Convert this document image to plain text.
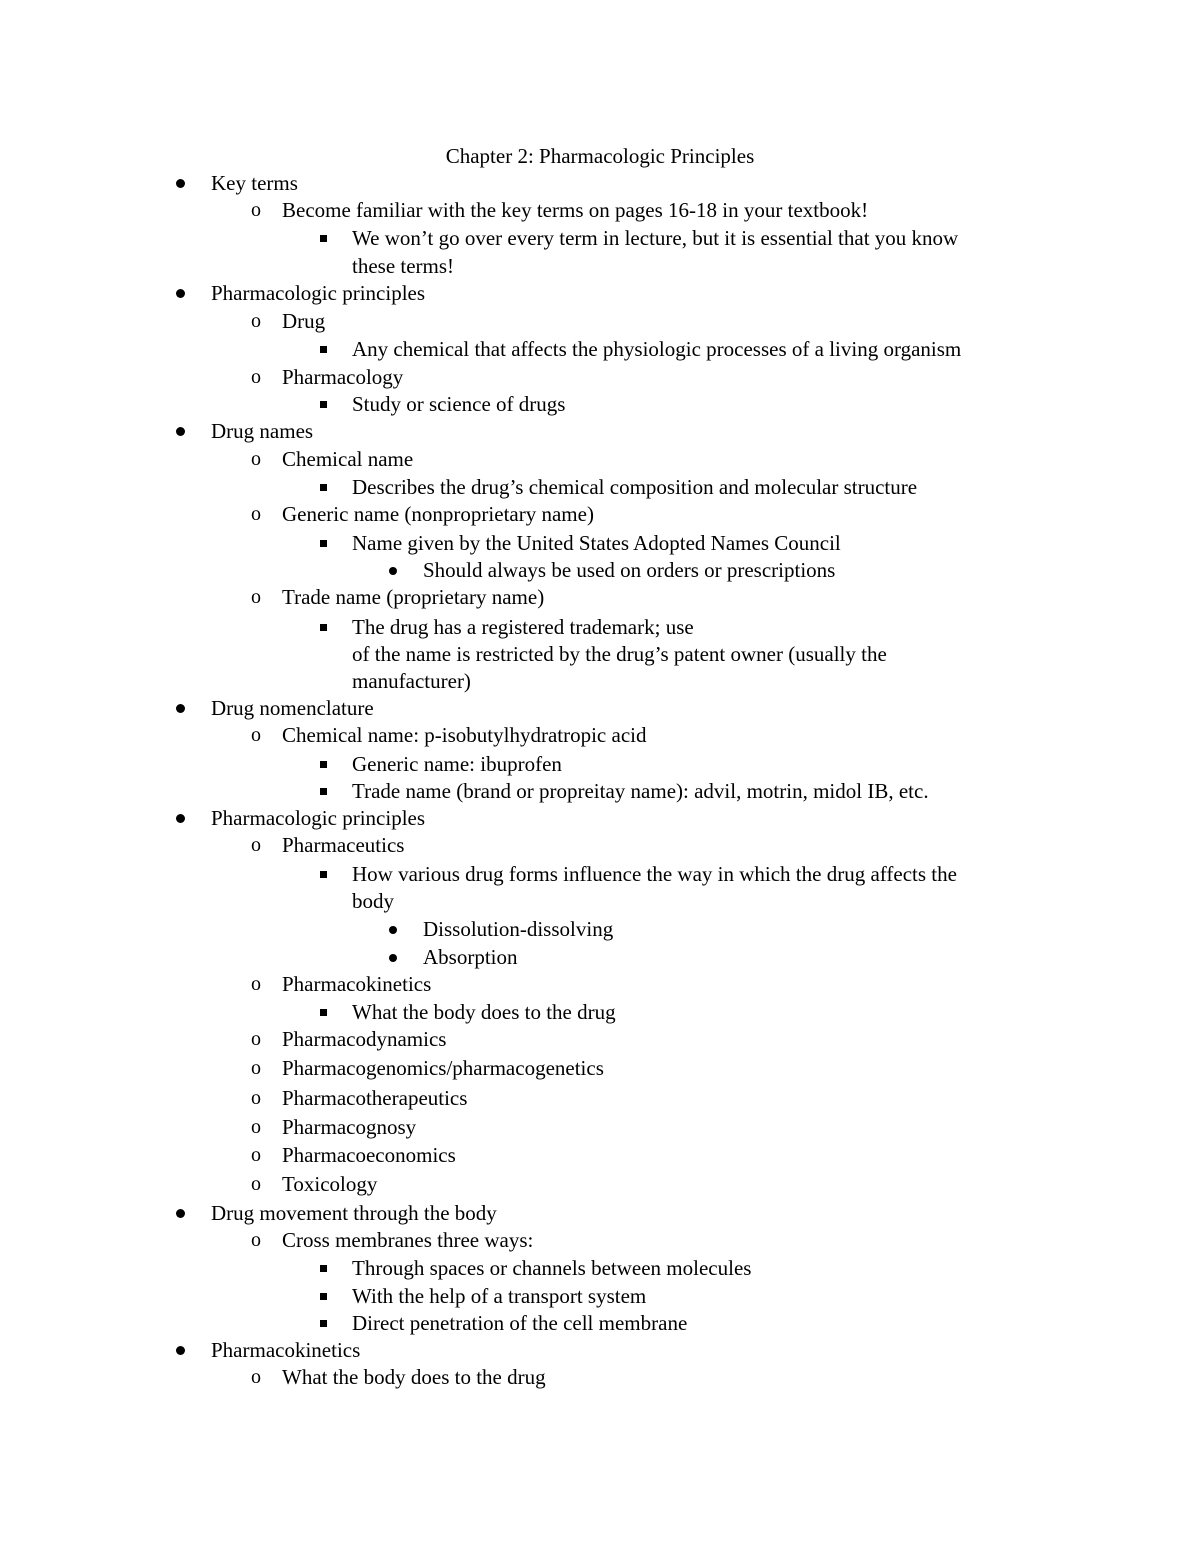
Chapter 2: Pharmacologic Principles
Key terms
o Become familiar with the key terms on pages 16-18 in your textbook!
We won’t go over every term in lecture, but it is essential that you know
these terms!
Pharmacologic principles
o Drug
Any chemical that affects the physiologic processes of a living organism
o Pharmacology
Study or science of drugs
Drug names
o Chemical name
Describes the drug’s chemical composition and molecular structure
o Generic name (nonproprietary name)
Name given by the United States Adopted Names Council
Should always be used on orders or prescriptions
o Trade name (proprietary name)
The drug has a registered trademark; use
of the name is restricted by the drug’s patent owner (usually the
manufacturer)
Drug nomenclature
o Chemical name: p-isobutylhydratropic acid
Generic name: ibuprofen
Trade name (brand or propreitay name): advil, motrin, midol IB, etc.
Pharmacologic principles
o Pharmaceutics
How various drug forms influence the way in which the drug affects the
body
Dissolution-dissolving
Absorption
o Pharmacokinetics
What the body does to the drug
o Pharmacodynamics
o Pharmacogenomics/pharmacogenetics
o Pharmacotherapeutics
o Pharmacognosy
o Pharmacoeconomics
o Toxicology
Drug movement through the body
o Cross membranes three ways:
Through spaces or channels between molecules
With the help of a transport system
Direct penetration of the cell membrane
Pharmacokinetics
o What the body does to the drug
